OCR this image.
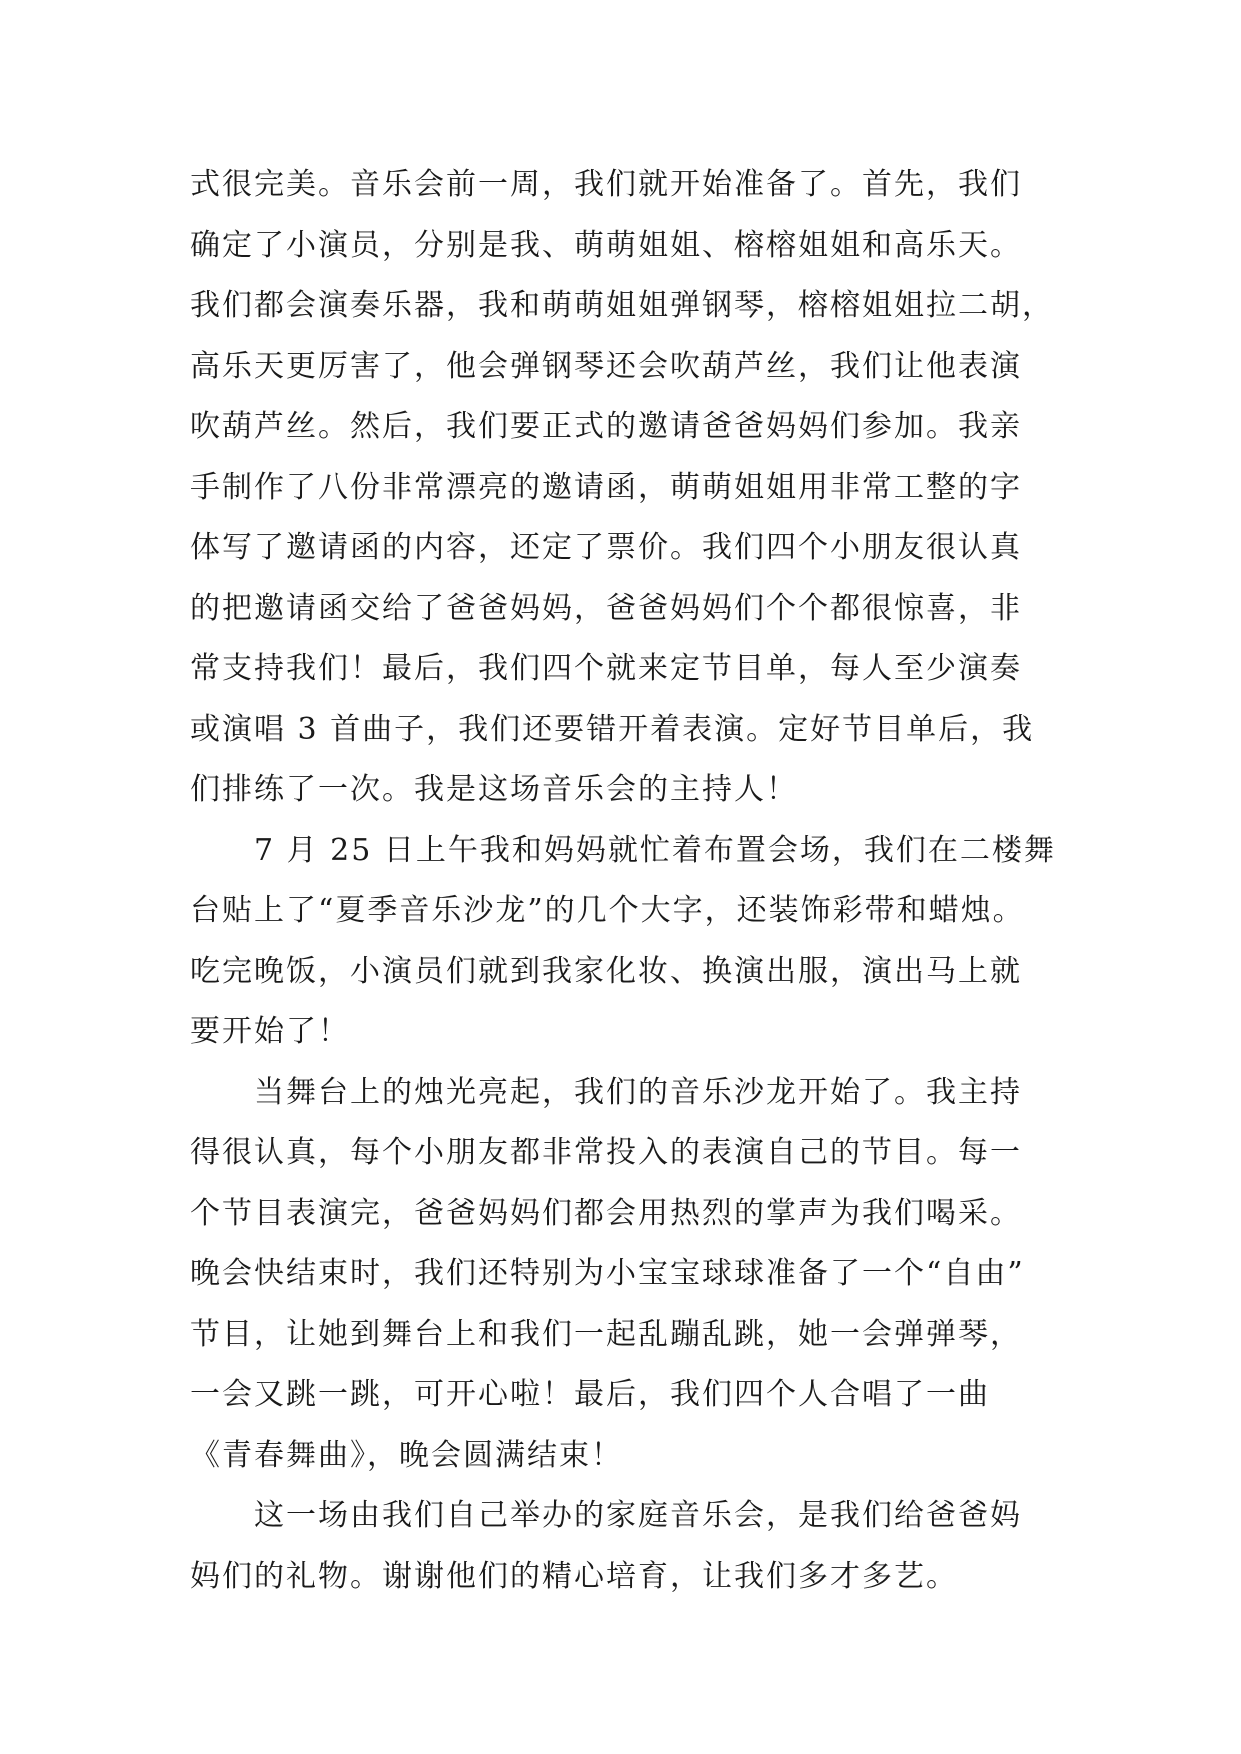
式很完美。音乐会前一周，我们就开始准备了。首先，我们
确定了小演员，分别是我、萌萌姐姐、榕榕姐姐和高乐天。
我们都会演奏乐器，我和萌萌姐姐弹钢琴，榕榕姐姐拉二胡，
高乐天更厉害了，他会弹钢琴还会吹葫芦丝，我们让他表演
吹葫芦丝。然后，我们要正式的邀请爸爸妈妈们参加。我亲
手制作了八份非常漂亮的邀请函，萌萌姐姐用非常工整的字
体写了邀请函的内容，还定了票价。我们四个小朋友很认真
的把邀请函交给了爸爸妈妈，爸爸妈妈们个个都很惊喜，非
常支持我们！最后，我们四个就来定节目单，每人至少演奏
或演唱 3 首曲子，我们还要错开着表演。定好节目单后，我
们排练了一次。我是这场音乐会的主持人！
7 月 25 日上午我和妈妈就忙着布置会场，我们在二楼舞
台贴上了“夏季音乐沙龙”的几个大字，还装饰彩带和蜡烛。
吃完晚饭，小演员们就到我家化妆、换演出服，演出马上就
要开始了！
当舞台上的烛光亮起，我们的音乐沙龙开始了。我主持
得很认真，每个小朋友都非常投入的表演自己的节目。每一
个节目表演完，爸爸妈妈们都会用热烈的掌声为我们喝采。
晚会快结束时，我们还特别为小宝宝球球准备了一个“自由”
节目，让她到舞台上和我们一起乱蹦乱跳，她一会弹弹琴，
一会又跳一跳，可开心啦！最后，我们四个人合唱了一曲
《青春舞曲》，晚会圆满结束！
这一场由我们自己举办的家庭音乐会，是我们给爸爸妈
妈们的礼物。谢谢他们的精心培育，让我们多才多艺。
